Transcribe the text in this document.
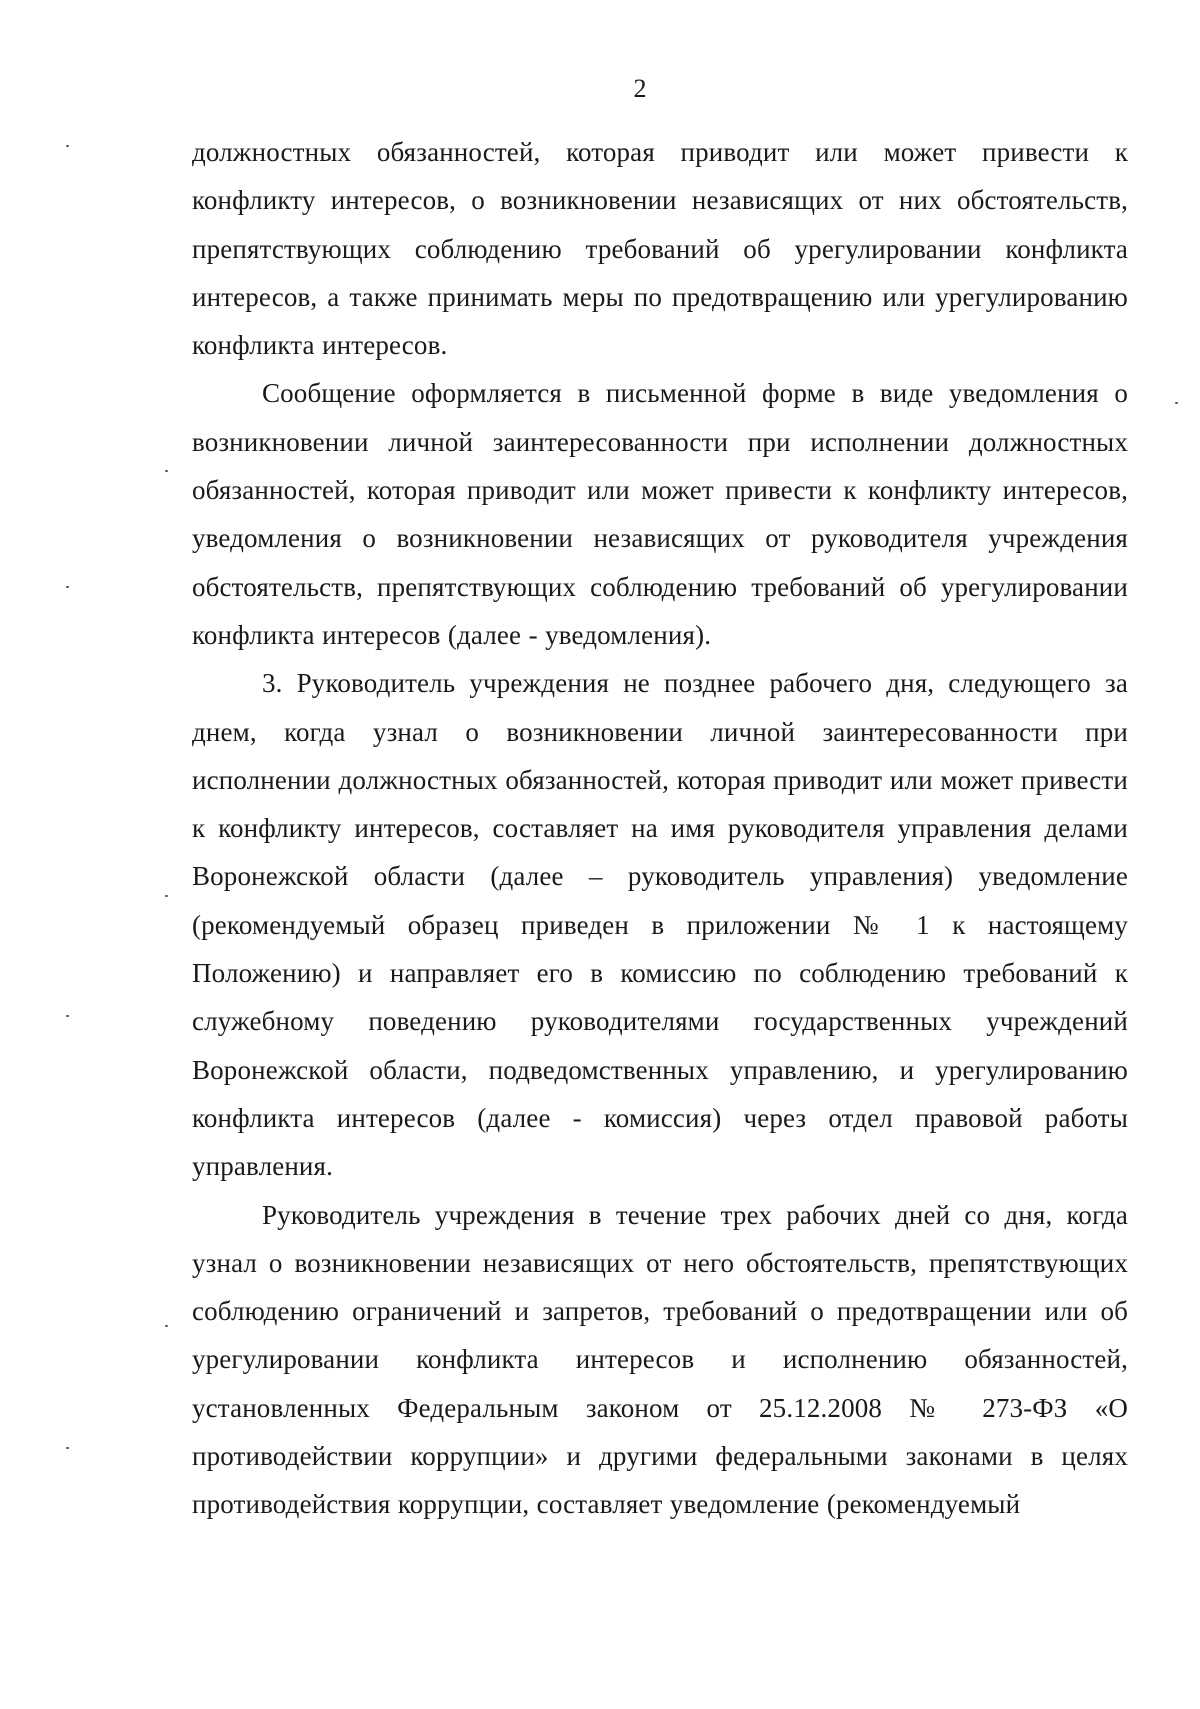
2

должностных обязанностей, которая приводит или может привести к конфликту интересов, о возникновении независящих от них обстоятельств, препятствующих соблюдению требований об урегулировании конфликта интересов, а также принимать меры по предотвращению или урегулированию конфликта интересов.

Сообщение оформляется в письменной форме в виде уведомления о возникновении личной заинтересованности при исполнении должностных обязанностей, которая приводит или может привести к конфликту интересов, уведомления о возникновении независящих от руководителя учреждения обстоятельств, препятствующих соблюдению требований об урегулировании конфликта интересов (далее - уведомления).

3. Руководитель учреждения не позднее рабочего дня, следующего за днем, когда узнал о возникновении личной заинтересованности при исполнении должностных обязанностей, которая приводит или может привести к конфликту интересов, составляет на имя руководителя управления делами Воронежской области (далее – руководитель управления) уведомление (рекомендуемый образец приведен в приложении № 1 к настоящему Положению) и направляет его в комиссию по соблюдению требований к служебному поведению руководителями государственных учреждений Воронежской области, подведомственных управлению, и урегулированию конфликта интересов (далее - комиссия) через отдел правовой работы управления.

Руководитель учреждения в течение трех рабочих дней со дня, когда узнал о возникновении независящих от него обстоятельств, препятствующих соблюдению ограничений и запретов, требований о предотвращении или об урегулировании конфликта интересов и исполнению обязанностей, установленных Федеральным законом от 25.12.2008 № 273-ФЗ «О противодействии коррупции» и другими федеральными законами в целях противодействия коррупции, составляет уведомление (рекомендуемый
